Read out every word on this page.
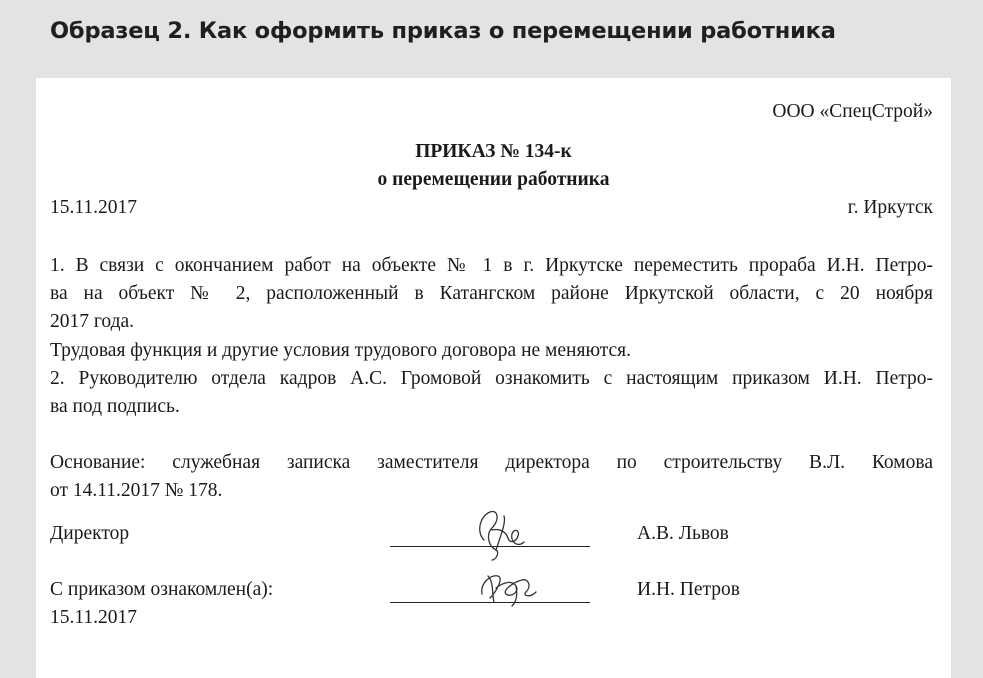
Образец 2. Как оформить приказ о перемещении работника
ООО «СпецСтрой»
ПРИКАЗ № 134-к
о перемещении работника
15.11.2017	г. Иркутск
1. В связи с окончанием работ на объекте № 1 в г. Иркутске переместить прораба И.Н. Петро-
ва на объект № 2, расположенный в Катангском районе Иркутской области, с 20 ноября
2017 года.
Трудовая функция и другие условия трудового договора не меняются.
2. Руководителю отдела кадров А.С. Громовой ознакомить с настоящим приказом И.Н. Петро-
ва под подпись.
Основание: служебная записка заместителя директора по строительству В.Л. Комова
от 14.11.2017 № 178.
Директор	А.В. Львов
С приказом ознакомлен(а):	И.Н. Петров
15.11.2017
